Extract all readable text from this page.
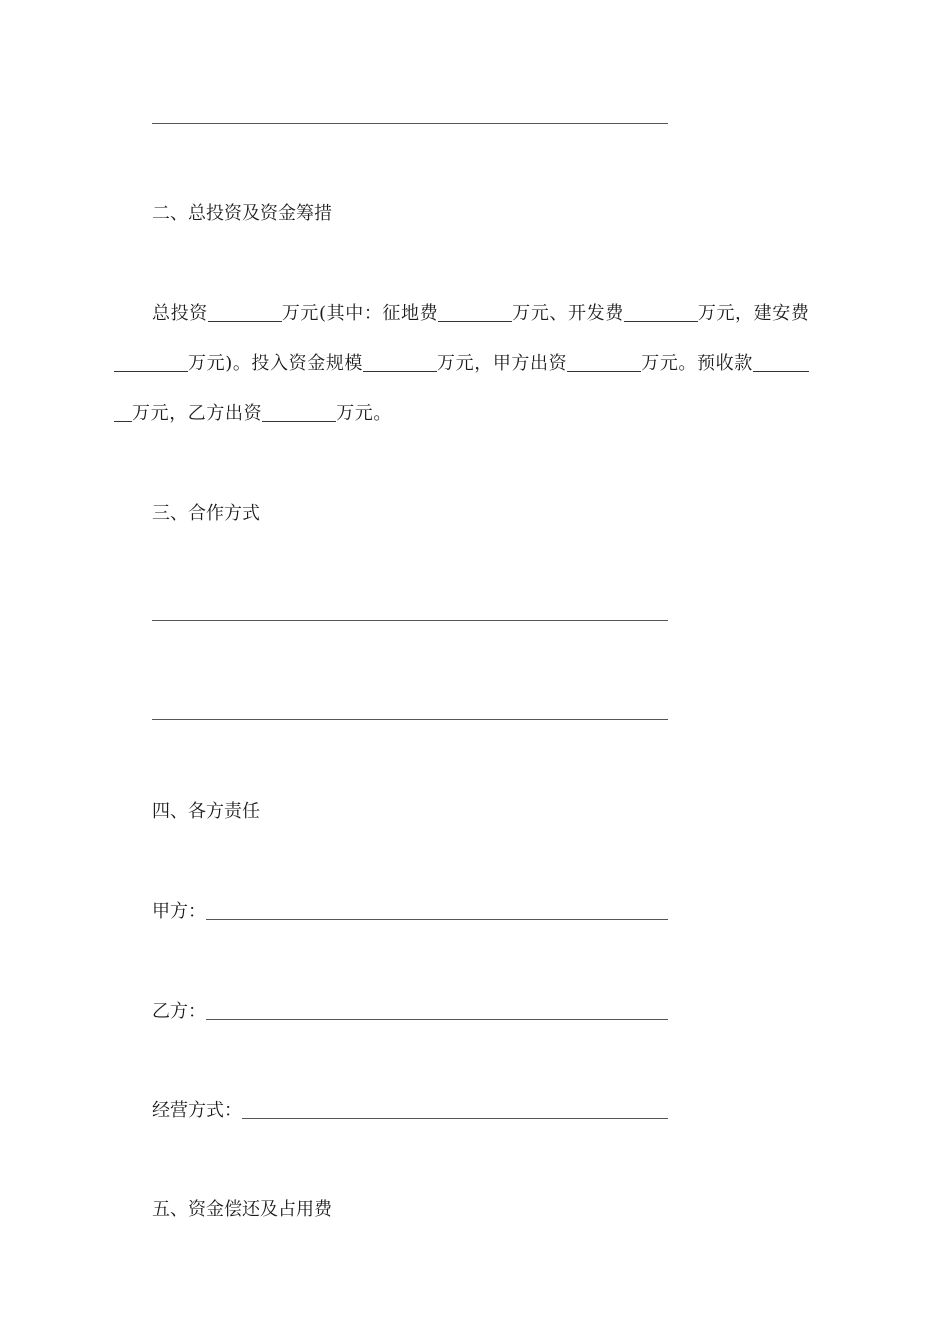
二、总投资及资金筹措
总投资	万元(其中：征地费	万元、开发费	万元，建安费
万元)。投入资金规模	万元，甲方出资	万元。预收款
万元，乙方出资	万元。
三、合作方式
四、各方责任
甲方：
乙方：
经营方式：
五、资金偿还及占用费
